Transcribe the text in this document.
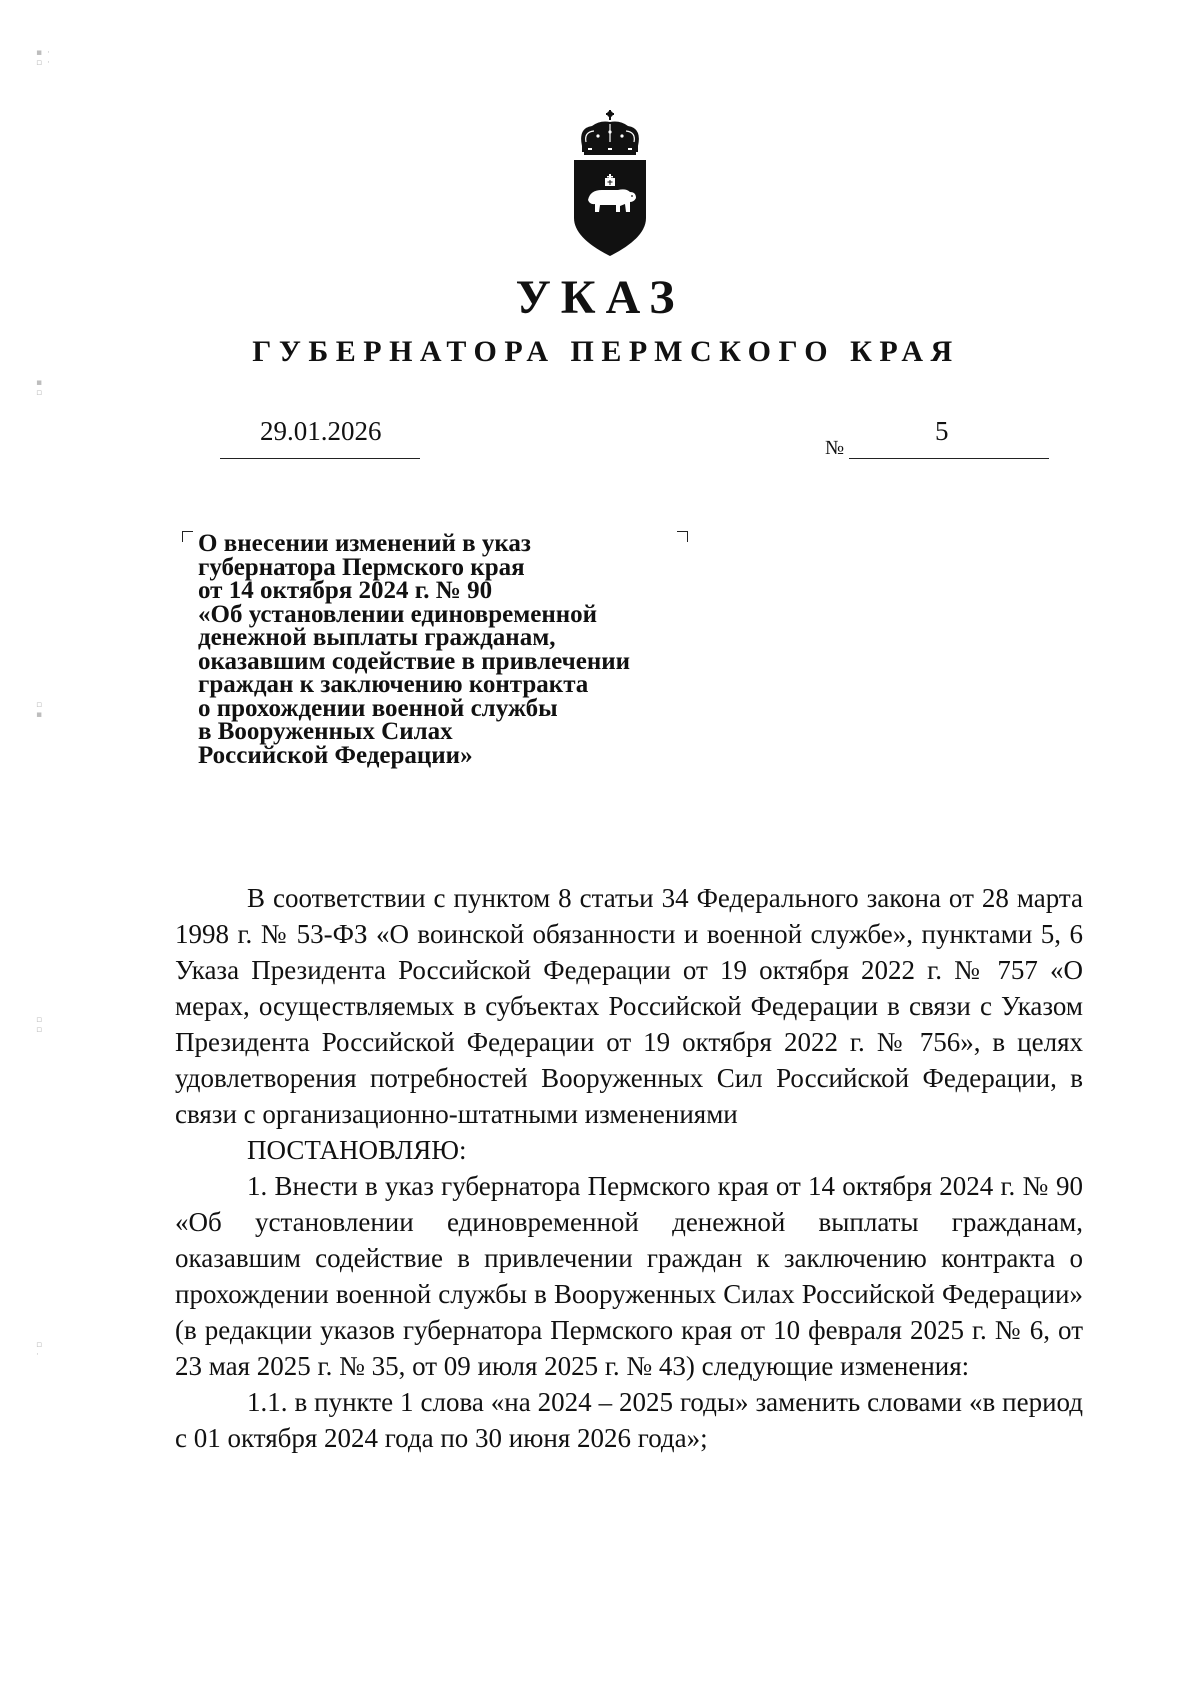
▪ ·
▫ ·
▪
▫
▫
▪
▫
▫
▫
·
УКАЗ
ГУБЕРНАТОРА ПЕРМСКОГО КРАЯ
29.01.2026
№
5
О внесении изменений в указ
губернатора Пермского края
от 14 октября 2024 г. № 90
«Об установлении единовременной
денежной выплаты гражданам,
оказавшим содействие в привлечении
граждан к заключению контракта
о прохождении военной службы
в Вооруженных Силах
Российской Федерации»

В соответствии с пунктом 8 статьи 34 Федерального закона от 28 марта 1998 г. № 53-ФЗ «О воинской обязанности и военной службе», пунктами 5, 6 Указа Президента Российской Федерации от 19 октября 2022 г. № 757 «О мерах, осуществляемых в субъектах Российской Федерации в связи с Указом Президента Российской Федерации от 19 октября 2022 г. № 756», в целях удовлетворения потребностей Вооруженных Сил Российской Федерации, в связи с организационно-штатными изменениями

ПОСТАНОВЛЯЮ:

1. Внести в указ губернатора Пермского края от 14 октября 2024 г. № 90 «Об установлении единовременной денежной выплаты гражданам, оказавшим содействие в привлечении граждан к заключению контракта о прохождении военной службы в Вооруженных Силах Российской Федерации» (в редакции указов губернатора Пермского края от 10 февраля 2025 г. № 6, от 23 мая 2025 г. № 35, от 09 июля 2025 г. № 43) следующие изменения:

1.1. в пункте 1 слова «на 2024 – 2025 годы» заменить словами «в период с 01 октября 2024 года по 30 июня 2026 года»;
